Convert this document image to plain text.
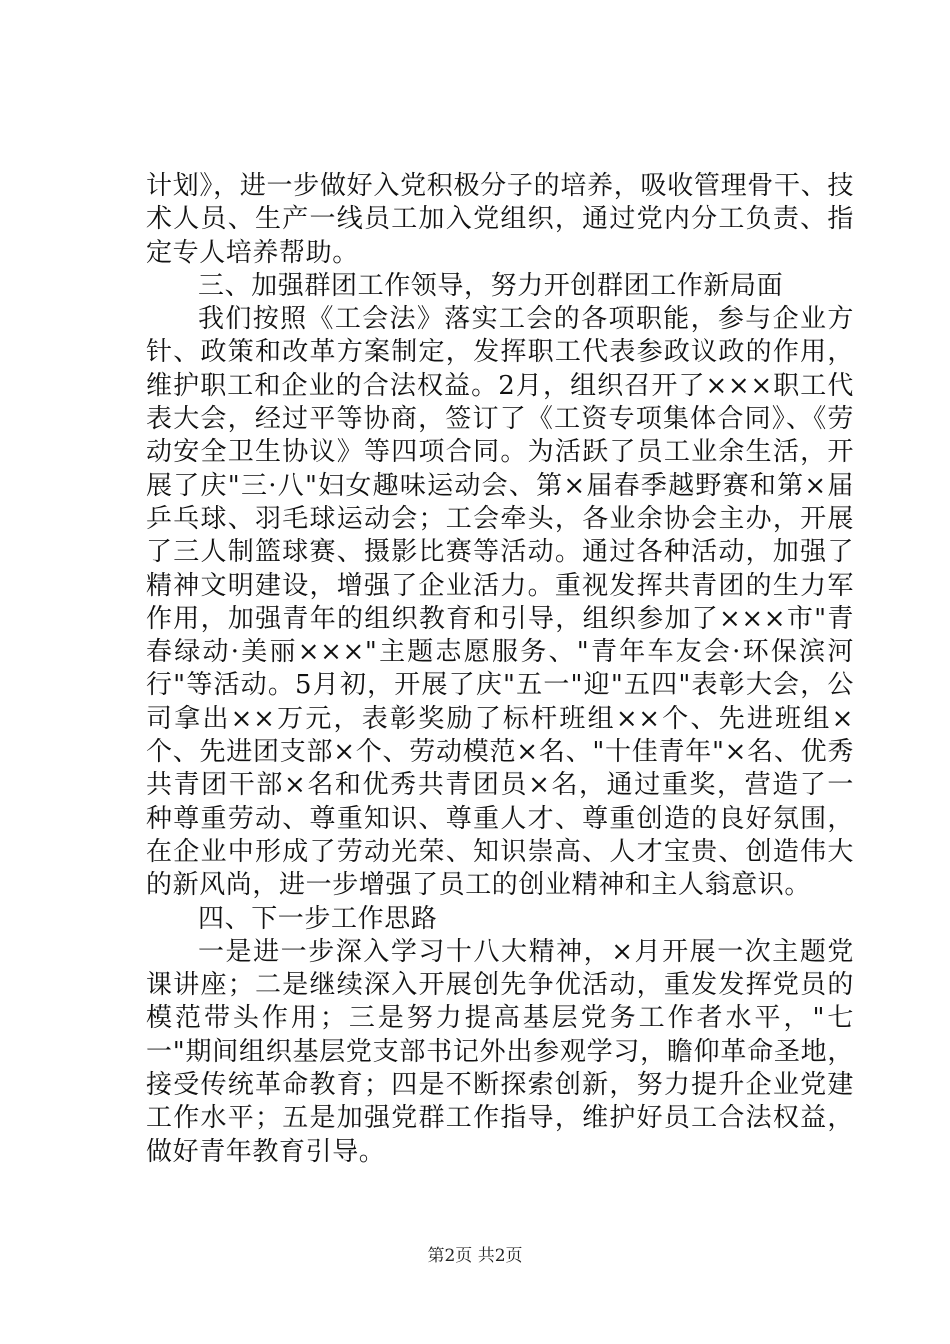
计划》，进一步做好入党积极分子的培养，吸收管理骨干、技术人员、生产一线员工加入党组织，通过党内分工负责、指定专人培养帮助。

三、加强群团工作领导，努力开创群团工作新局面

我们按照《工会法》落实工会的各项职能，参与企业方针、政策和改革方案制定，发挥职工代表参政议政的作用，维护职工和企业的合法权益。2月，组织召开了×××职工代表大会，经过平等协商，签订了《工资专项集体合同》、《劳动安全卫生协议》等四项合同。为活跃了员工业余生活，开展了庆"三·八"妇女趣味运动会、第×届春季越野赛和第×届乒乓球、羽毛球运动会；工会牵头，各业余协会主办，开展了三人制篮球赛、摄影比赛等活动。通过各种活动，加强了精神文明建设，增强了企业活力。重视发挥共青团的生力军作用，加强青年的组织教育和引导，组织参加了×××市"青春绿动·美丽×××"主题志愿服务、"青年车友会·环保滨河行"等活动。5月初，开展了庆"五一"迎"五四"表彰大会，公司拿出××万元，表彰奖励了标杆班组××个、先进班组×个、先进团支部×个、劳动模范×名、"十佳青年"×名、优秀共青团干部×名和优秀共青团员×名，通过重奖，营造了一种尊重劳动、尊重知识、尊重人才、尊重创造的良好氛围，在企业中形成了劳动光荣、知识崇高、人才宝贵、创造伟大的新风尚，进一步增强了员工的创业精神和主人翁意识。

四、下一步工作思路

一是进一步深入学习十八大精神，×月开展一次主题党课讲座；二是继续深入开展创先争优活动，重发发挥党员的模范带头作用；三是努力提高基层党务工作者水平，"七一"期间组织基层党支部书记外出参观学习，瞻仰革命圣地，接受传统革命教育；四是不断探索创新，努力提升企业党建工作水平；五是加强党群工作指导，维护好员工合法权益，做好青年教育引导。

第2页 共2页
